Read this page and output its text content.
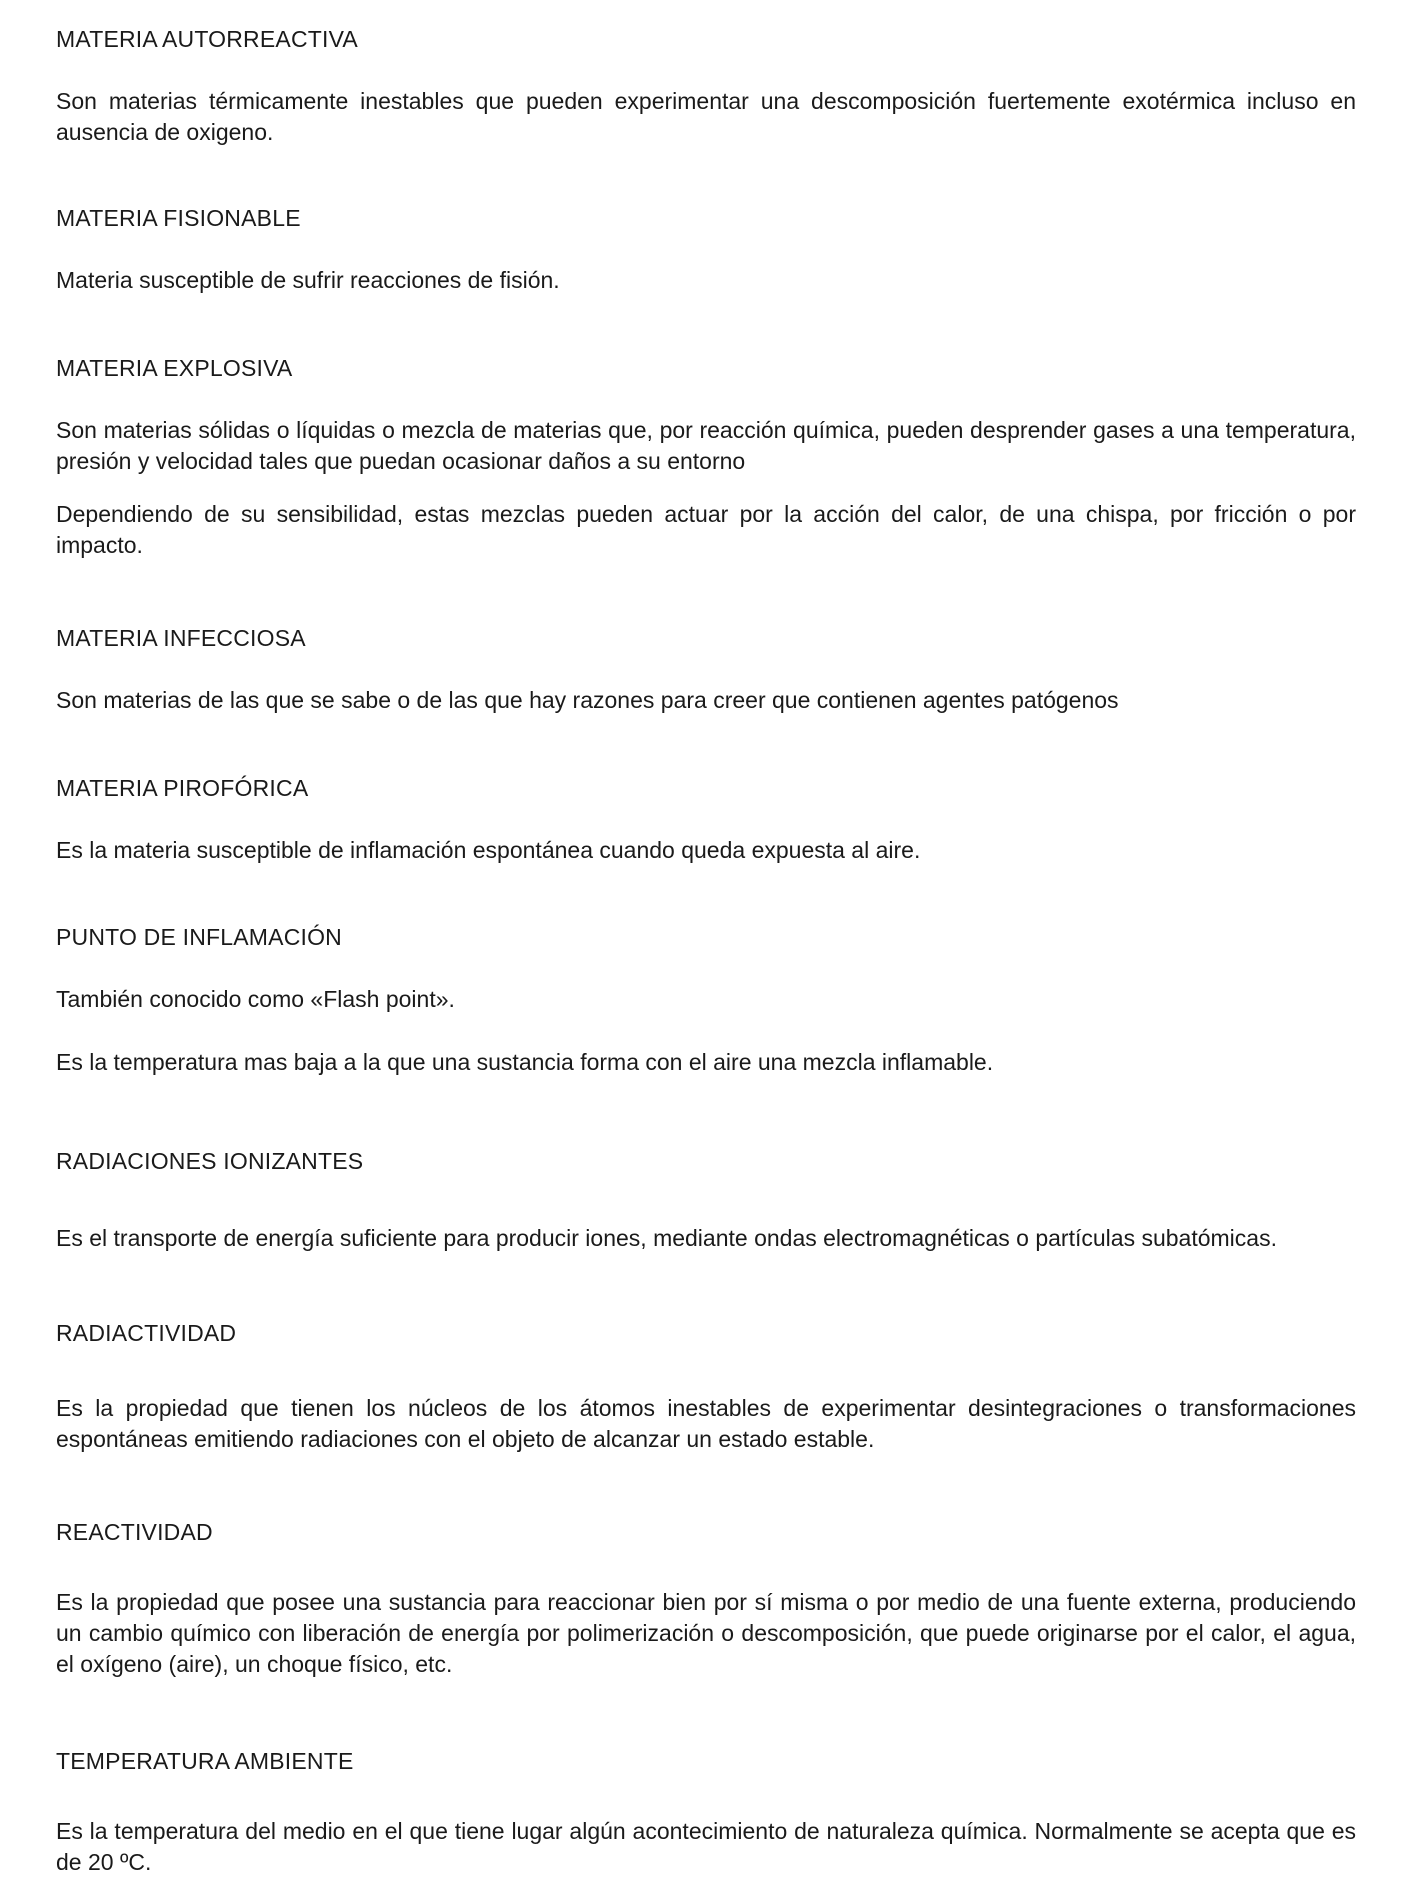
MATERIA AUTORREACTIVA

Son materias térmicamente inestables que pueden experimentar una descomposición fuertemente exotérmica incluso en ausencia de oxigeno.

MATERIA FISIONABLE

Materia susceptible de sufrir reacciones de fisión.

MATERIA EXPLOSIVA

Son materias sólidas o líquidas o mezcla de materias que, por reacción química, pueden desprender gases a una temperatura, presión y velocidad tales que puedan ocasionar daños a su entorno

Dependiendo de su sensibilidad, estas mezclas pueden actuar por la acción del calor, de una chispa, por fricción o por impacto.

MATERIA INFECCIOSA

Son materias de las que se sabe o de las que hay razones para creer que contienen agentes patógenos

MATERIA PIROFÓRICA

Es la materia susceptible de inflamación espontánea cuando queda expuesta al aire.

PUNTO DE INFLAMACIÓN

También conocido como «Flash point».

Es la temperatura mas baja a la que una sustancia forma con el aire una mezcla inflamable.

RADIACIONES IONIZANTES

Es el transporte de energía suficiente para producir iones, mediante ondas electromagnéticas o partículas subatómicas.

RADIACTIVIDAD

Es la propiedad que tienen los núcleos de los átomos inestables de experimentar desintegraciones o transformaciones espontáneas emitiendo radiaciones con el objeto de alcanzar un estado estable.

REACTIVIDAD

Es la propiedad que posee una sustancia para reaccionar bien por sí misma o por medio de una fuente externa, produciendo un cambio químico con liberación de energía por polimerización o descomposición, que puede originarse por el calor, el agua, el oxígeno (aire), un choque físico, etc.

TEMPERATURA AMBIENTE

Es la temperatura del medio en el que tiene lugar algún acontecimiento de naturaleza química. Normalmente se acepta que es de 20 ºC.
